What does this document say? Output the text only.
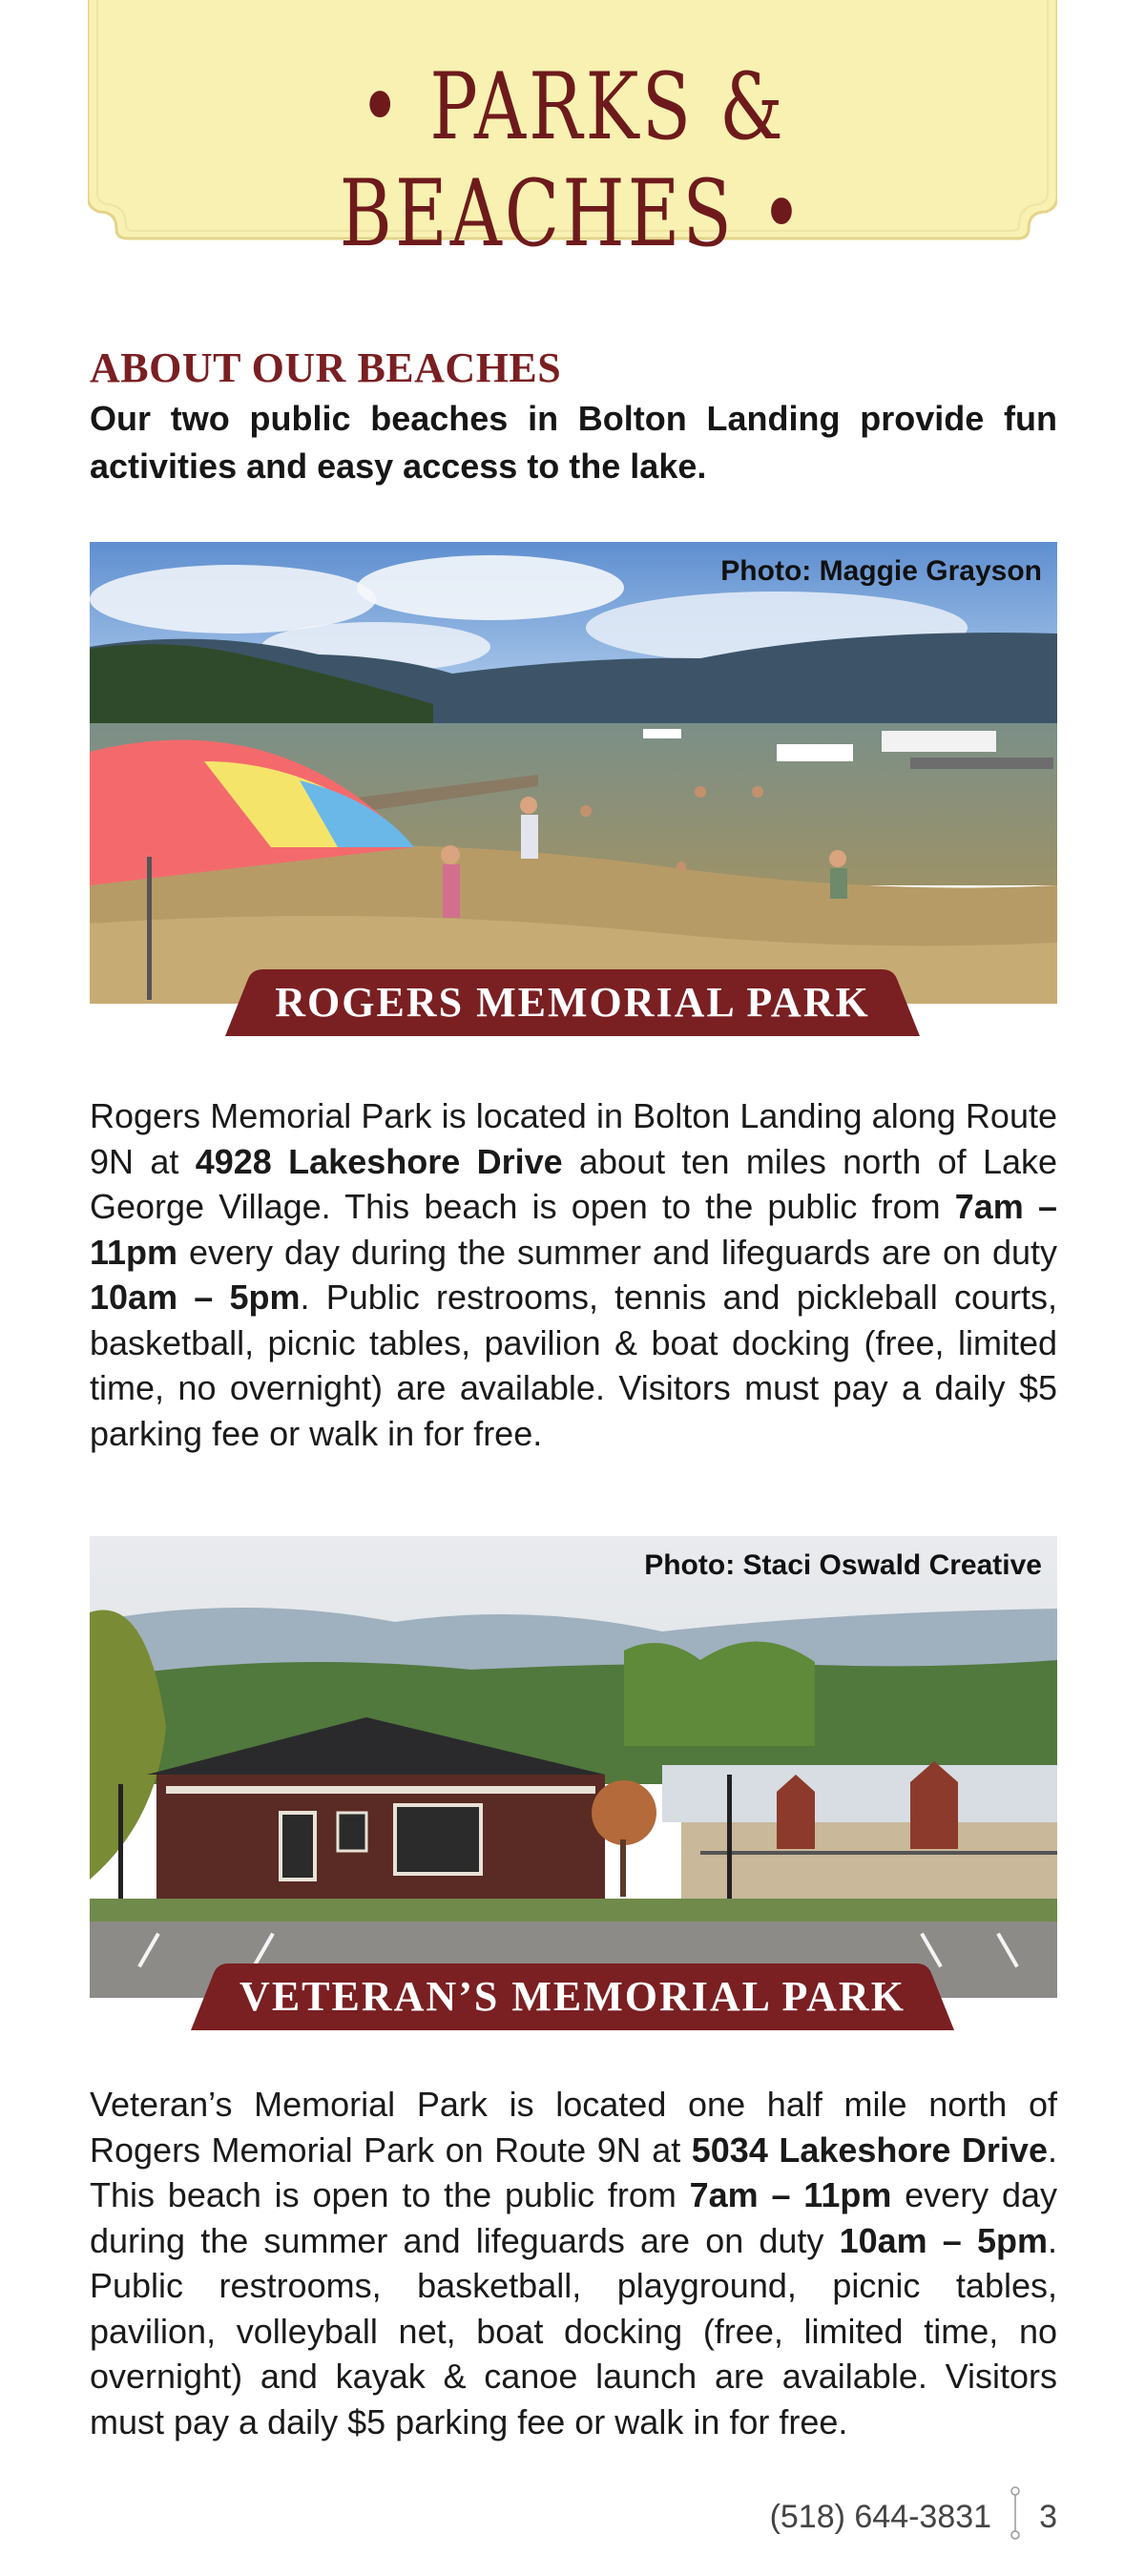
• PARKS & BEACHES •
ABOUT OUR BEACHES
Our two public beaches in Bolton Landing provide fun activities and easy access to the lake.
Photo: Maggie Grayson
ROGERS MEMORIAL PARK
Rogers Memorial Park is located in Bolton Landing along Route 9N at 4928 Lakeshore Drive about ten miles north of Lake George Village. This beach is open to the public from 7am – 11pm every day during the summer and lifeguards are on duty 10am – 5pm. Public restrooms, tennis and pickleball courts, basketball, picnic tables, pavilion & boat docking (free, limited time, no overnight) are available. Visitors must pay a daily $5 parking fee or walk in for free.
Photo: Staci Oswald Creative
VETERAN’S MEMORIAL PARK
Veteran’s Memorial Park is located one half mile north of Rogers Memorial Park on Route 9N at 5034 Lakeshore Drive. This beach is open to the public from 7am – 11pm every day during the summer and lifeguards are on duty 10am – 5pm. Public restrooms, basketball, playground, picnic tables, pavilion, volleyball net, boat docking (free, limited time, no overnight) and kayak & canoe launch are available. Visitors must pay a daily $5 parking fee or walk in for free.
(518) 644-3831 3
